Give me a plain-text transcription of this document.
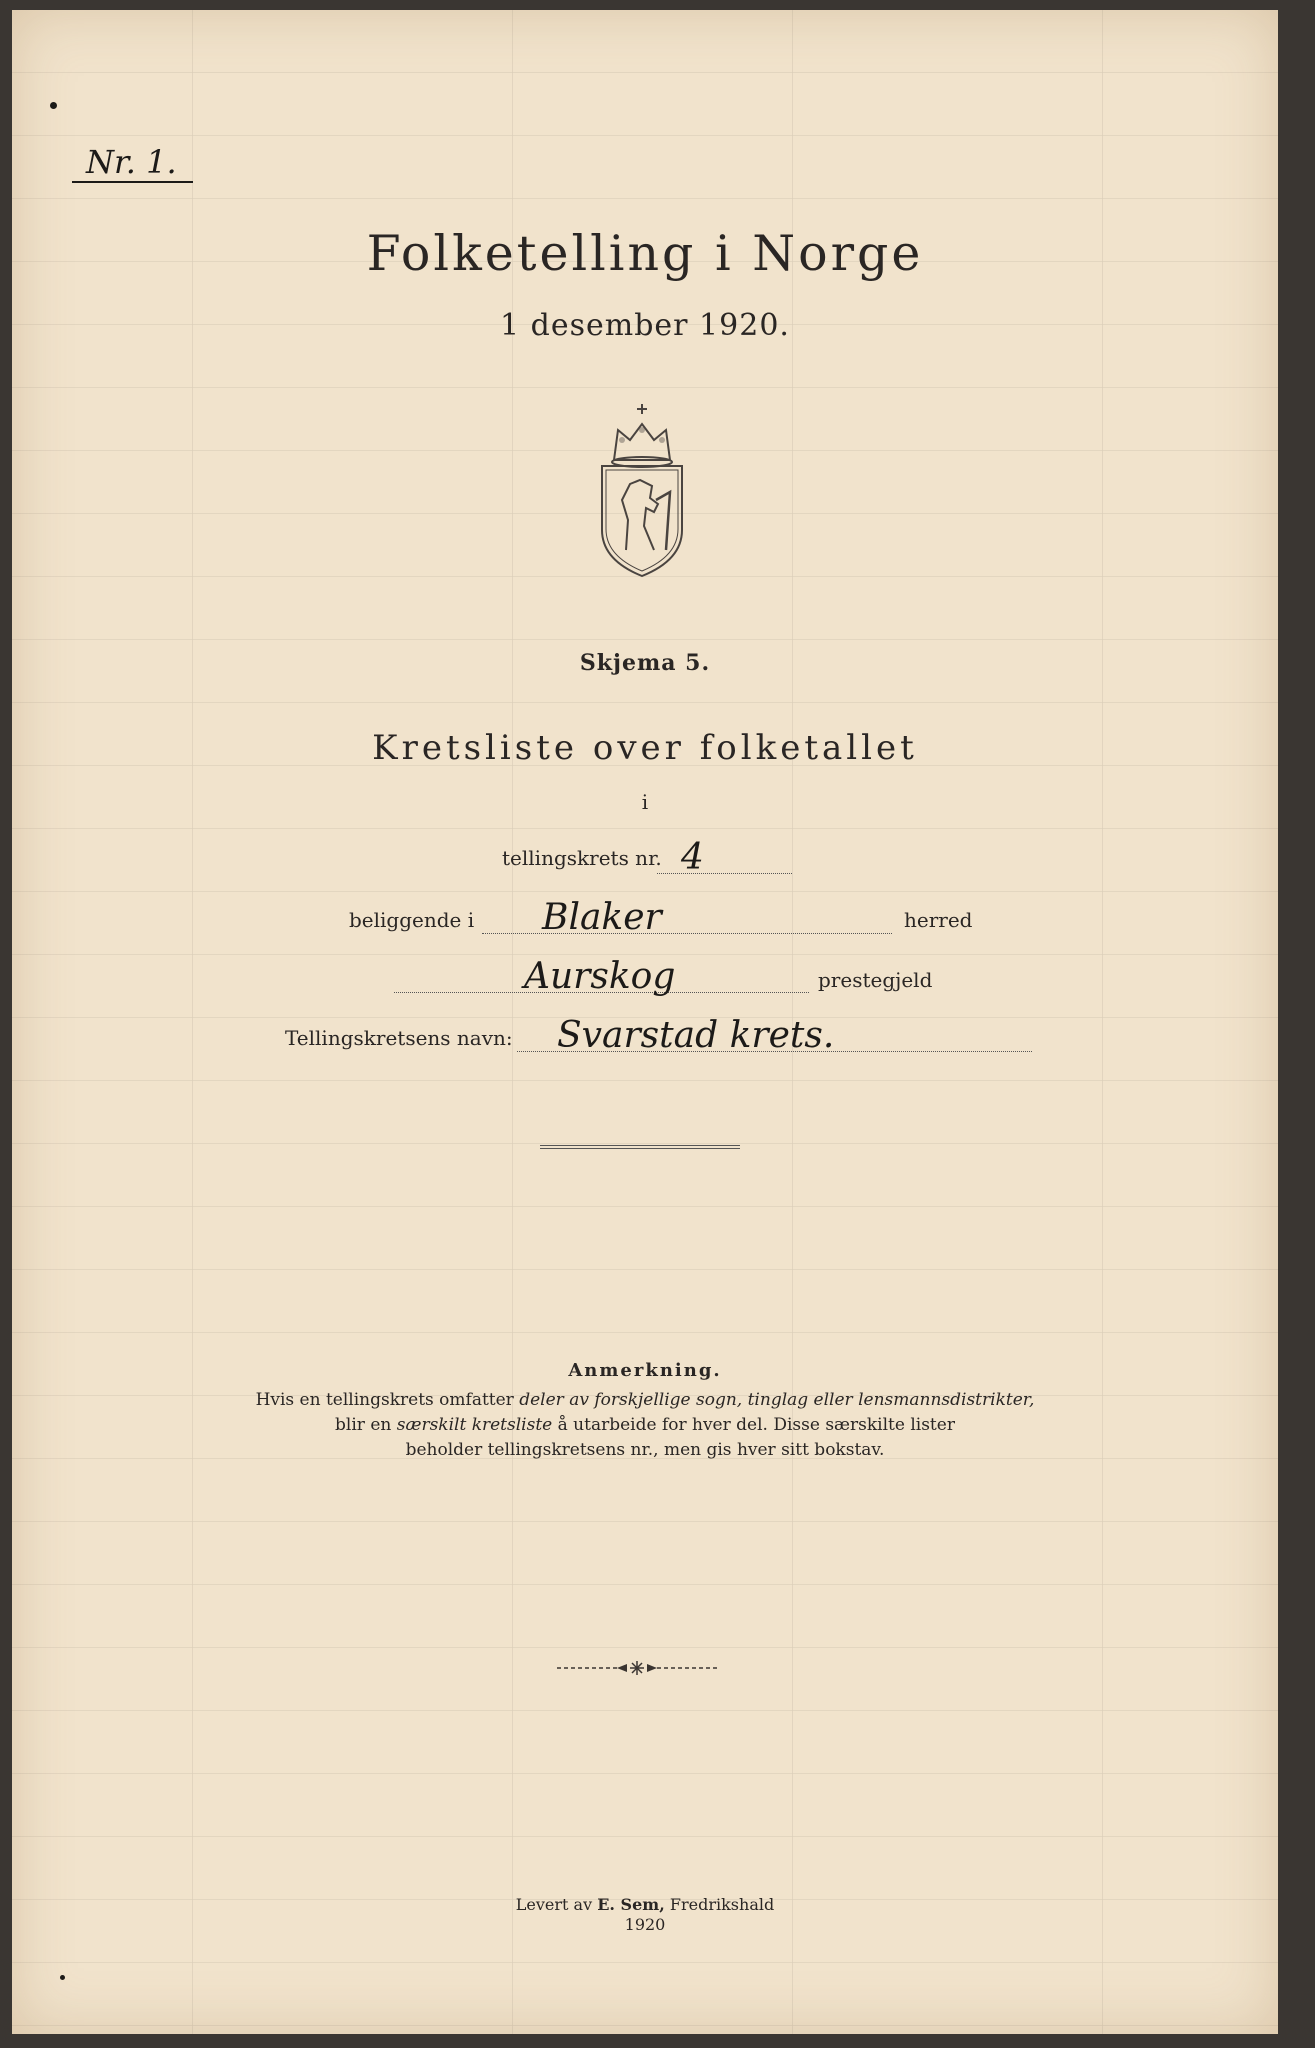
Nr. 1.
Folketelling i Norge
1 desember 1920.
Skjema 5.
Kretsliste over folketallet
i
tellingskrets nr. 4
beliggende i	Blaker	herred
Aurskog	prestegjeld
Tellingskretsens navn:	Svarstad krets.
Anmerkning.
Hvis en tellingskrets omfatter deler av forskjellige sogn, tinglag eller lensmannsdistrikter,
blir en særskilt kretsliste å utarbeide for hver del. Disse særskilte lister
beholder tellingskretsens nr., men gis hver sitt bokstav.
Levert av E. Sem, Fredrikshald
1920
